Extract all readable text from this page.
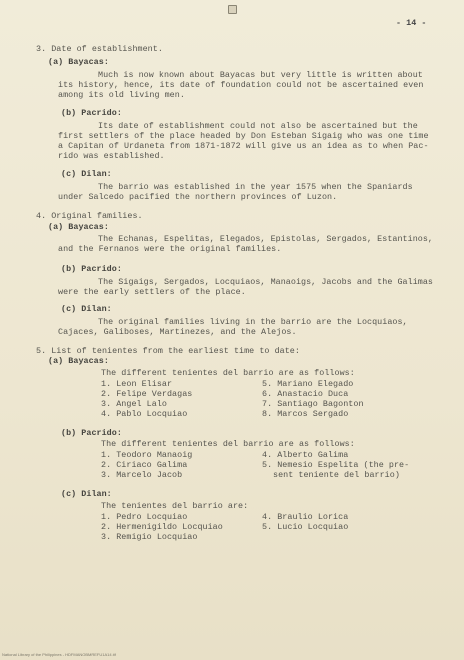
- 14 -
3. Date of establishment.
(a) Bayacas:
Much is now known about Bayacas but very little is written about
its history, hence, its date of foundation could not be ascertained even
among its old living men.
(b) Pacrido:
Its date of establishment could not also be ascertained but the
first settlers of the place headed by Don Esteban Sigaig who was one time
a Capitan of Urdaneta from 1871-1872 will give us an idea as to when Pac-
rido was established.
(c) Dilan:
The barrio was established in the year 1575 when the Spaniards
under Salcedo pacified the northern provinces of Luzon.
4. Original families.
(a) Bayacas:
The Echanas, Espelitas, Elegados, Epistolas, Sergados, Estantinos,
and the Fernanos were the original families.
(b) Pacrido:
The Sigaigs, Sergados, Locquiaos, Manaoigs, Jacobs and the Galimas
were the early settlers of the place.
(c) Dilan:
The original families living in the barrio are the Locquiaos,
Cajaces, Galiboses, Martinezes, and the Alejos.
5. List of tenientes from the earliest time to date:
(a) Bayacas:
The different tenientes del barrio are as follows:
1. Leon Elisar
2. Felipe Verdagas
3. Angel Lalo
4. Pablo Locquiao
5. Mariano Elegado
6. Anastacio Duca
7. Santiago Bagonton
8. Marcos Sergado
(b) Pacrido:
The different tenientes del barrio are as follows:
1. Teodoro Manaoig
2. Ciriaco Galima
3. Marcelo Jacob
4. Alberto Galima
5. Nemesio Espelita (the pre-
sent teniente del barrio)
(c) Dilan:
The tenientes del barrio are:
1. Pedro Locquiao
2. Hermenigildo Locquiao
3. Remigio Locquiao
4. Braulio Lorica
5. Lucio Locquiao
National Library of the Philippines - HDFMANOBMREFU1A14.tif
